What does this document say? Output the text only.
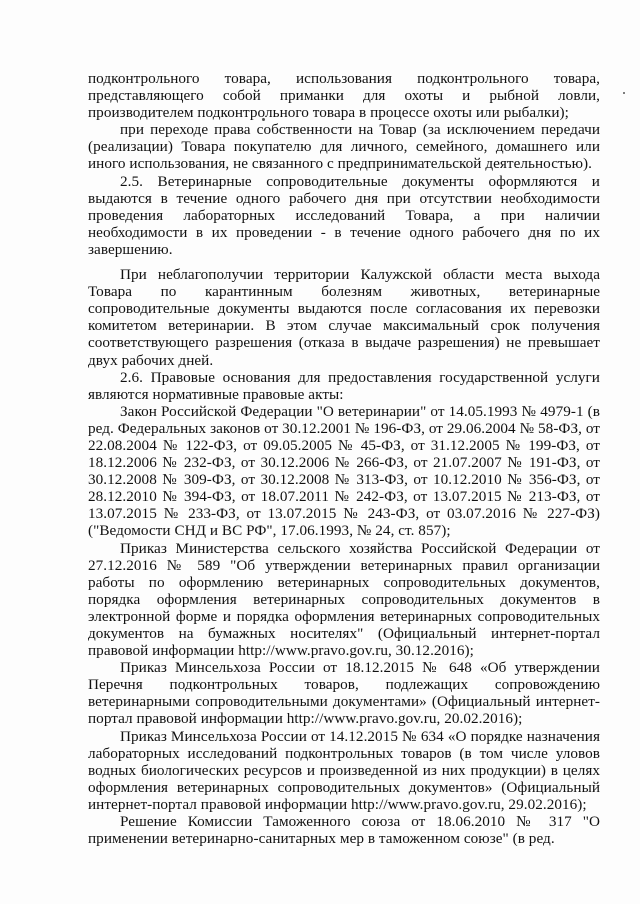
подконтрольного товара, использования подконтрольного товара, представляющего собой приманки для охоты и рыбной ловли, производителем подконтрольного товара в процессе охоты или рыбалки);

при переходе права собственности на Товар (за исключением передачи (реализации) Товара покупателю для личного, семейного, домашнего или иного использования, не связанного с предпринимательской деятельностью).

2.5. Ветеринарные сопроводительные документы оформляются и выдаются в течение одного рабочего дня при отсутствии необходимости проведения лабораторных исследований Товара, а при наличии необходимости в их проведении - в течение одного рабочего дня по их завершению.

При неблагополучии территории Калужской области места выхода Товара по карантинным болезням животных, ветеринарные сопроводительные документы выдаются после согласования их перевозки комитетом ветеринарии. В этом случае максимальный срок получения соответствующего разрешения (отказа в выдаче разрешения) не превышает двух рабочих дней.

2.6. Правовые основания для предоставления государственной услуги являются нормативные правовые акты:

Закон Российской Федерации "О ветеринарии" от 14.05.1993 № 4979-1 (в ред. Федеральных законов от 30.12.2001 № 196-ФЗ, от 29.06.2004 № 58-ФЗ, от 22.08.2004 № 122-ФЗ, от 09.05.2005 № 45-ФЗ, от 31.12.2005 № 199-ФЗ, от 18.12.2006 № 232-ФЗ, от 30.12.2006 № 266-ФЗ, от 21.07.2007 № 191-ФЗ, от 30.12.2008 № 309-ФЗ, от 30.12.2008 № 313-ФЗ, от 10.12.2010 № 356-ФЗ, от 28.12.2010 № 394-ФЗ, от 18.07.2011 № 242-ФЗ, от 13.07.2015 № 213-ФЗ, от 13.07.2015 № 233-ФЗ, от 13.07.2015 № 243-ФЗ, от 03.07.2016 № 227-ФЗ) ("Ведомости СНД и ВС РФ", 17.06.1993, № 24, ст. 857);

Приказ Министерства сельского хозяйства Российской Федерации от 27.12.2016 № 589 "Об утверждении ветеринарных правил организации работы по оформлению ветеринарных сопроводительных документов, порядка оформления ветеринарных сопроводительных документов в электронной форме и порядка оформления ветеринарных сопроводительных документов на бумажных носителях" (Официальный интернет-портал правовой информации http://www.pravo.gov.ru, 30.12.2016);

Приказ Минсельхоза России от 18.12.2015 № 648 «Об утверждении Перечня подконтрольных товаров, подлежащих сопровождению ветеринарными сопроводительными документами» (Официальный интернет-портал правовой информации http://www.pravo.gov.ru, 20.02.2016);

Приказ Минсельхоза России от 14.12.2015 № 634 «О порядке назначения лабораторных исследований подконтрольных товаров (в том числе уловов водных биологических ресурсов и произведенной из них продукции) в целях оформления ветеринарных сопроводительных документов» (Официальный интернет-портал правовой информации http://www.pravo.gov.ru, 29.02.2016);

Решение Комиссии Таможенного союза от 18.06.2010 № 317 "О применении ветеринарно-санитарных мер в таможенном союзе" (в ред.
